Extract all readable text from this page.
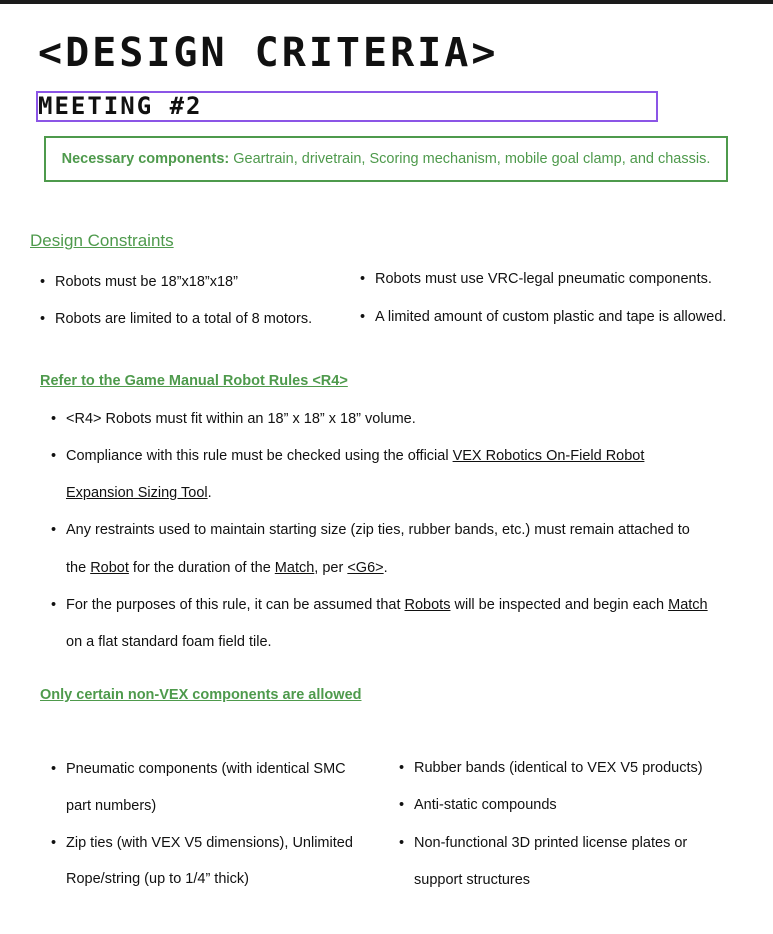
<DESIGN CRITERIA>
MEETING #2
Necessary components: Geartrain, drivetrain, Scoring mechanism, mobile goal clamp, and chassis.
Design Constraints
• Robots must be 18”x18”x18”
• Robots are limited to a total of 8 motors.
• Robots must use VRC-legal pneumatic components.
• A limited amount of custom plastic and tape is allowed.
Refer to the Game Manual Robot Rules <R4>
• <R4> Robots must fit within an 18” x 18” x 18” volume.
• Compliance with this rule must be checked using the official VEX Robotics On-Field Robot
Expansion Sizing Tool.
• Any restraints used to maintain starting size (zip ties, rubber bands, etc.) must remain attached to
the Robot for the duration of the Match, per <G6>.
• For the purposes of this rule, it can be assumed that Robots will be inspected and begin each Match
on a flat standard foam field tile.
Only certain non-VEX components are allowed
• Pneumatic components (with identical SMC
part numbers)
• Zip ties (with VEX V5 dimensions), Unlimited
Rope/string (up to 1/4” thick)
• Rubber bands (identical to VEX V5 products)
• Anti-static compounds
• Non-functional 3D printed license plates or
support structures
